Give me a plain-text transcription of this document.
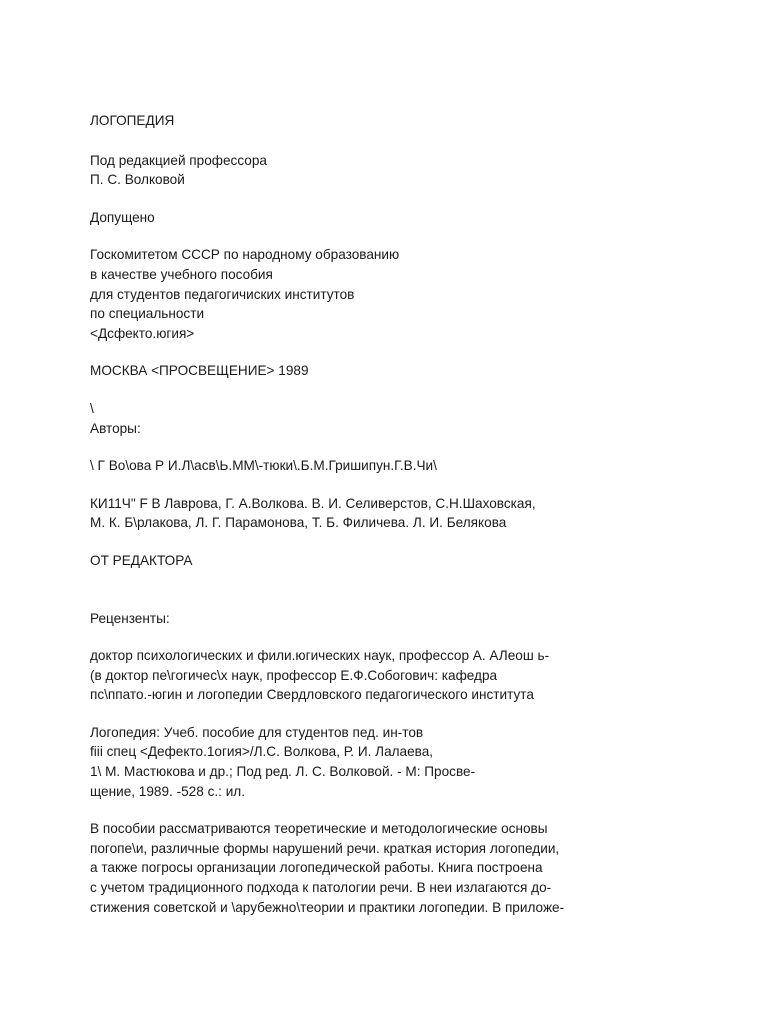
ЛОГОПЕДИЯ
Под редакцией профессора
П. С. Волковой
Допущено
Госкомитетом СССР по народному образованию
в качестве учебного пособия
для студентов педагогичиских институтов
по специальности
<Дсфекто.югия>
МОСКВА <ПРОСВЕЩЕНИЕ> 1989
\
Авторы:
\ Г Во\ова Р И.Л\асв\Ь.ММ\-тюки\.Б.М.Гришипун.Г.В.Чи\
КИ11Ч" F В Лаврова, Г. А.Волкова. В. И. Селиверстов, С.Н.Шаховская,
М. К. Б\рлакова, Л. Г. Парамонова, Т. Б. Филичева. Л. И. Белякова
ОТ РЕДАКТОРА
Рецензенты:
доктор психологических и фили.югических наук, профессор А. АЛеош ь-
(в доктор пе\гогичес\х наук, профессор Е.Ф.Собогович: кафедра
пс\ппато.-югин и логопедии Свердловского педагогического института
Логопедия: Учеб. пособие для студентов пед. ин-тов
fiii спец <Дефекто.1огия>/Л.С. Волкова, Р. И. Лалаева,
1\ М. Мастюкова и др.; Под ред. Л. С. Волковой. - М: Просве-
щение, 1989. -528 с.: ил.
В пособии рассматриваются теоретические и методологические основы
погопе\и, различные формы нарушений речи. краткая история логопедии,
а также погросы организации логопедической работы. Книга построена
с учетом традиционного подхода к патологии речи. В неи излагаются до-
стижения советской и \арубежно\теории и практики логопедии. В приложе-
